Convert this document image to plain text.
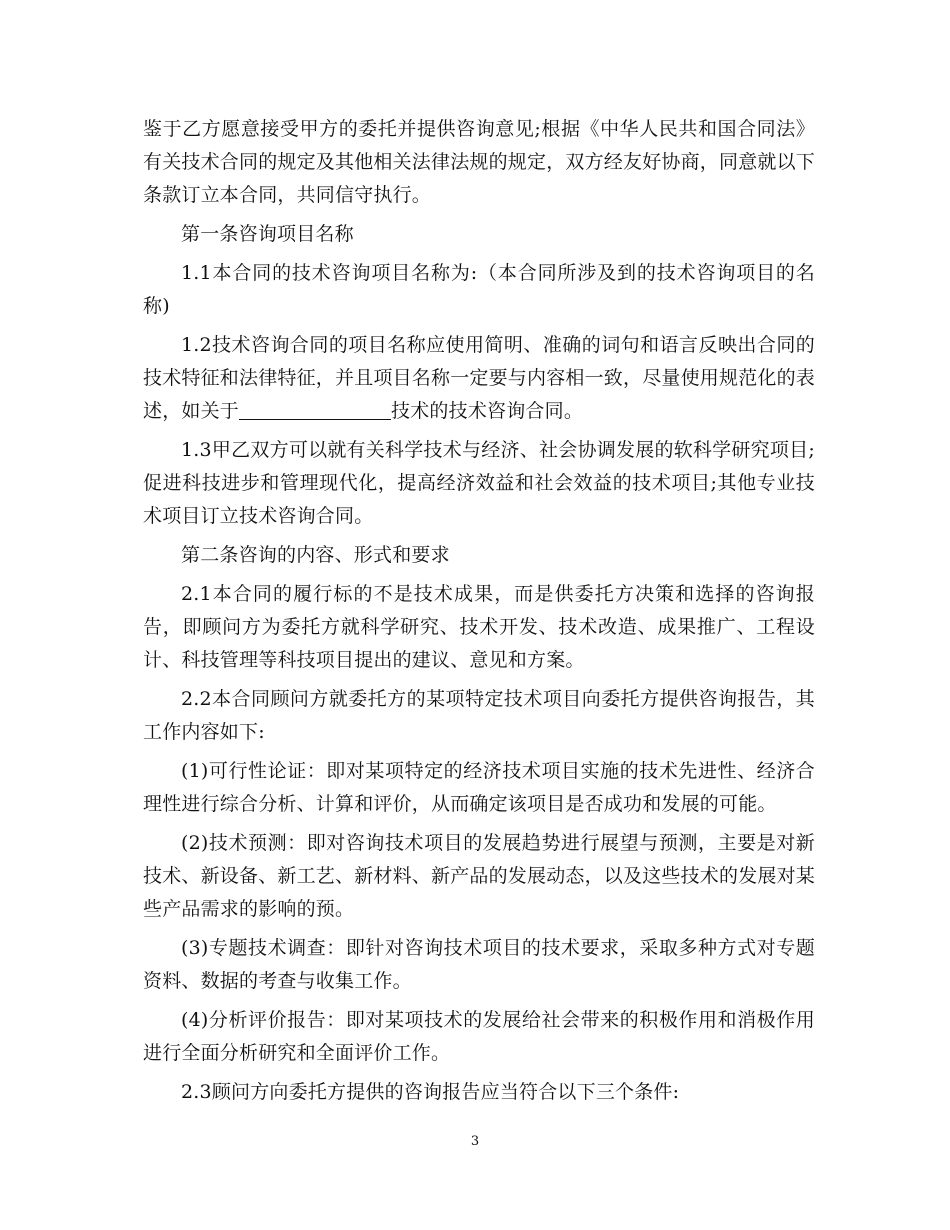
鉴于乙方愿意接受甲方的委托并提供咨询意见;根据《中华人民共和国合同法》有关技术合同的规定及其他相关法律法规的规定，双方经友好协商，同意就以下条款订立本合同，共同信守执行。

第一条咨询项目名称

1.1本合同的技术咨询项目名称为:（本合同所涉及到的技术咨询项目的名称)

1.2技术咨询合同的项目名称应使用简明、准确的词句和语言反映出合同的技术特征和法律特征，并且项目名称一定要与内容相一致，尽量使用规范化的表述，如关于	技术的技术咨询合同。

1.3甲乙双方可以就有关科学技术与经济、社会协调发展的软科学研究项目;促进科技进步和管理现代化，提高经济效益和社会效益的技术项目;其他专业技术项目订立技术咨询合同。

第二条咨询的内容、形式和要求

2.1本合同的履行标的不是技术成果，而是供委托方决策和选择的咨询报告，即顾问方为委托方就科学研究、技术开发、技术改造、成果推广、工程设计、科技管理等科技项目提出的建议、意见和方案。

2.2本合同顾问方就委托方的某项特定技术项目向委托方提供咨询报告，其工作内容如下:

(1)可行性论证：即对某项特定的经济技术项目实施的技术先进性、经济合理性进行综合分析、计算和评价，从而确定该项目是否成功和发展的可能。

(2)技术预测：即对咨询技术项目的发展趋势进行展望与预测，主要是对新技术、新设备、新工艺、新材料、新产品的发展动态，以及这些技术的发展对某些产品需求的影响的预。

(3)专题技术调查：即针对咨询技术项目的技术要求，采取多种方式对专题资料、数据的考查与收集工作。

(4)分析评价报告：即对某项技术的发展给社会带来的积极作用和消极作用进行全面分析研究和全面评价工作。

2.3顾问方向委托方提供的咨询报告应当符合以下三个条件:

3
